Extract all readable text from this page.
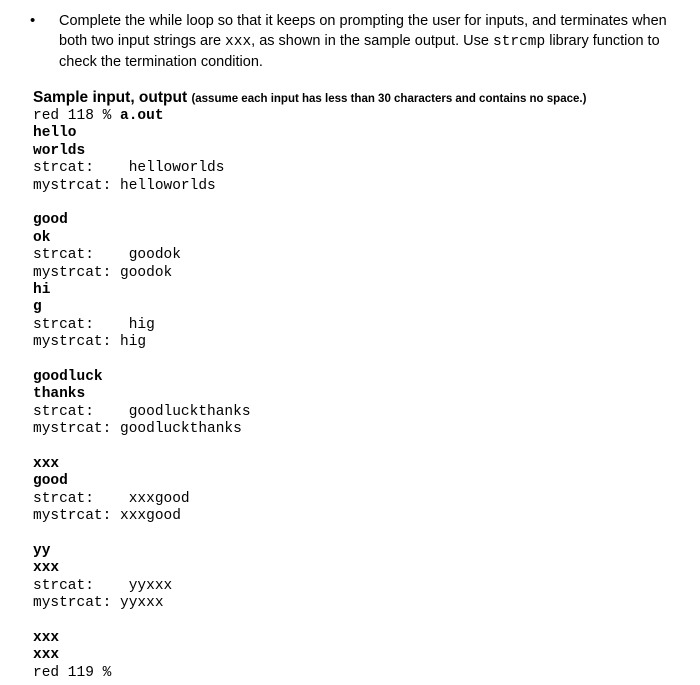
• Complete the while loop so that it keeps on prompting the user for inputs, and terminates when both two input strings are xxx, as shown in the sample output. Use strcmp library function to check the termination condition.
Sample input, output (assume each input has less than 30 characters and contains no space.)
red 118 % a.out
hello
worlds
strcat:    helloworlds
mystrcat: helloworlds
good
ok
strcat:    goodok
mystrcat: goodok
hi
g
strcat:    hig
mystrcat: hig
goodluck
thanks
strcat:    goodluckthanks
mystrcat: goodluckthanks
xxx
good
strcat:    xxxgood
mystrcat: xxxgood
yy
xxx
strcat:    yyxxx
mystrcat: yyxxx
xxx
xxx
red 119 %
